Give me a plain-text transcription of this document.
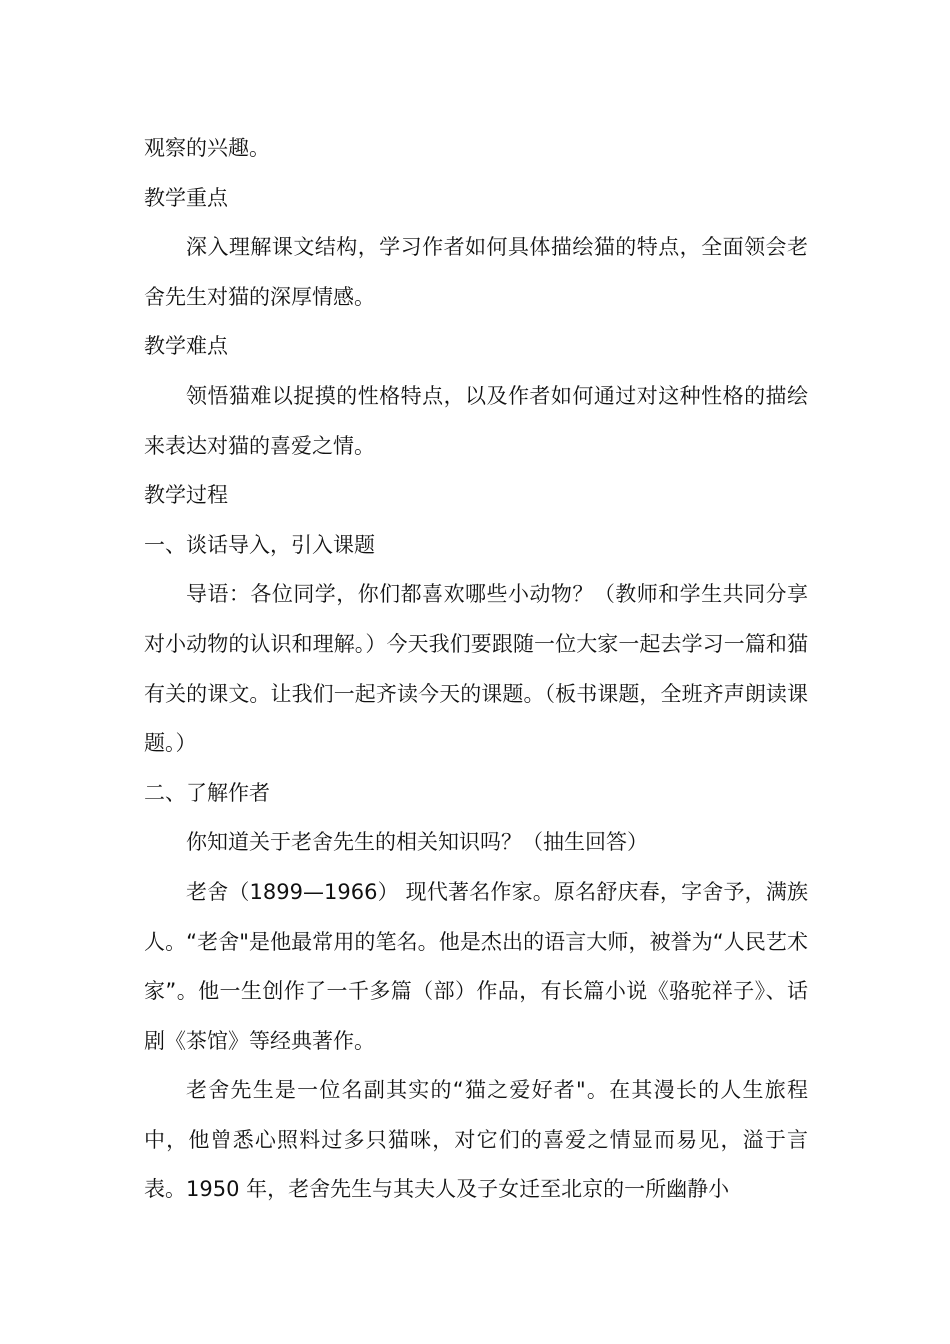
观察的兴趣。

教学重点

深入理解课文结构，学习作者如何具体描绘猫的特点，全面领会老舍先生对猫的深厚情感。

教学难点

领悟猫难以捉摸的性格特点，以及作者如何通过对这种性格的描绘来表达对猫的喜爱之情。

教学过程

一、谈话导入，引入课题

导语：各位同学，你们都喜欢哪些小动物？（教师和学生共同分享对小动物的认识和理解。）今天我们要跟随一位大家一起去学习一篇和猫有关的课文。让我们一起齐读今天的课题。（板书课题，全班齐声朗读课题。）

二、了解作者

你知道关于老舍先生的相关知识吗？（抽生回答）

老舍（1899—1966） 现代著名作家。原名舒庆春，字舍予，满族人。“老舍"是他最常用的笔名。他是杰出的语言大师，被誉为“人民艺术家”。他一生创作了一千多篇（部）作品，有长篇小说《骆驼祥子》、话剧《茶馆》等经典著作。

老舍先生是一位名副其实的“猫之爱好者"。在其漫长的人生旅程中，他曾悉心照料过多只猫咪，对它们的喜爱之情显而易见，溢于言表。1950 年，老舍先生与其夫人及子女迁至北京的一所幽静小
